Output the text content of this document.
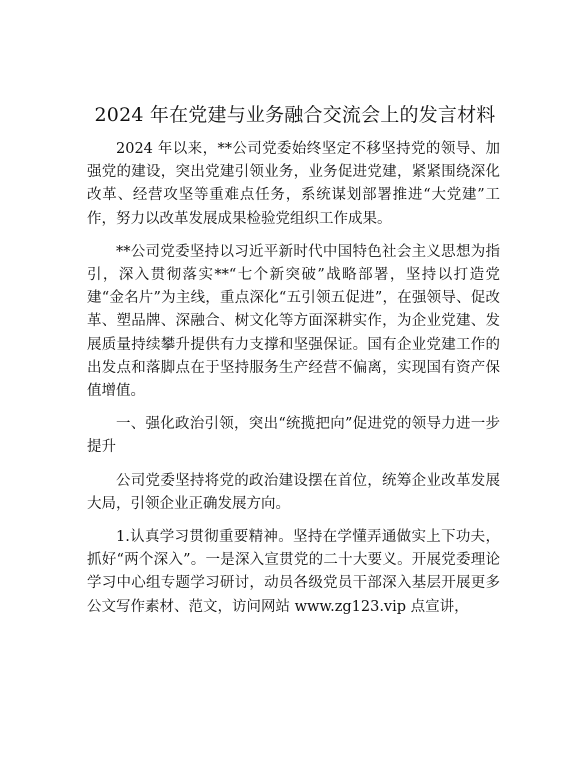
2024 年在党建与业务融合交流会上的发言材料

2024 年以来，**公司党委始终坚定不移坚持党的领导、加强党的建设，突出党建引领业务，业务促进党建，紧紧围绕深化改革、经营攻坚等重难点任务，系统谋划部署推进“大党建”工作，努力以改革发展成果检验党组织工作成果。

**公司党委坚持以习近平新时代中国特色社会主义思想为指引，深入贯彻落实**“七个新突破”战略部署，坚持以打造党建“金名片”为主线，重点深化“五引领五促进”，在强领导、促改革、塑品牌、深融合、树文化等方面深耕实作，为企业党建、发展质量持续攀升提供有力支撑和坚强保证。国有企业党建工作的出发点和落脚点在于坚持服务生产经营不偏离，实现国有资产保值增值。

一、强化政治引领，突出“统揽把向”促进党的领导力进一步提升

公司党委坚持将党的政治建设摆在首位，统筹企业改革发展大局，引领企业正确发展方向。

1.认真学习贯彻重要精神。坚持在学懂弄通做实上下功夫，抓好“两个深入”。一是深入宣贯党的二十大要义。开展党委理论学习中心组专题学习研讨，动员各级党员干部深入基层开展更多公文写作素材、范文，访问网站 www.zg123.vip 点宣讲，
